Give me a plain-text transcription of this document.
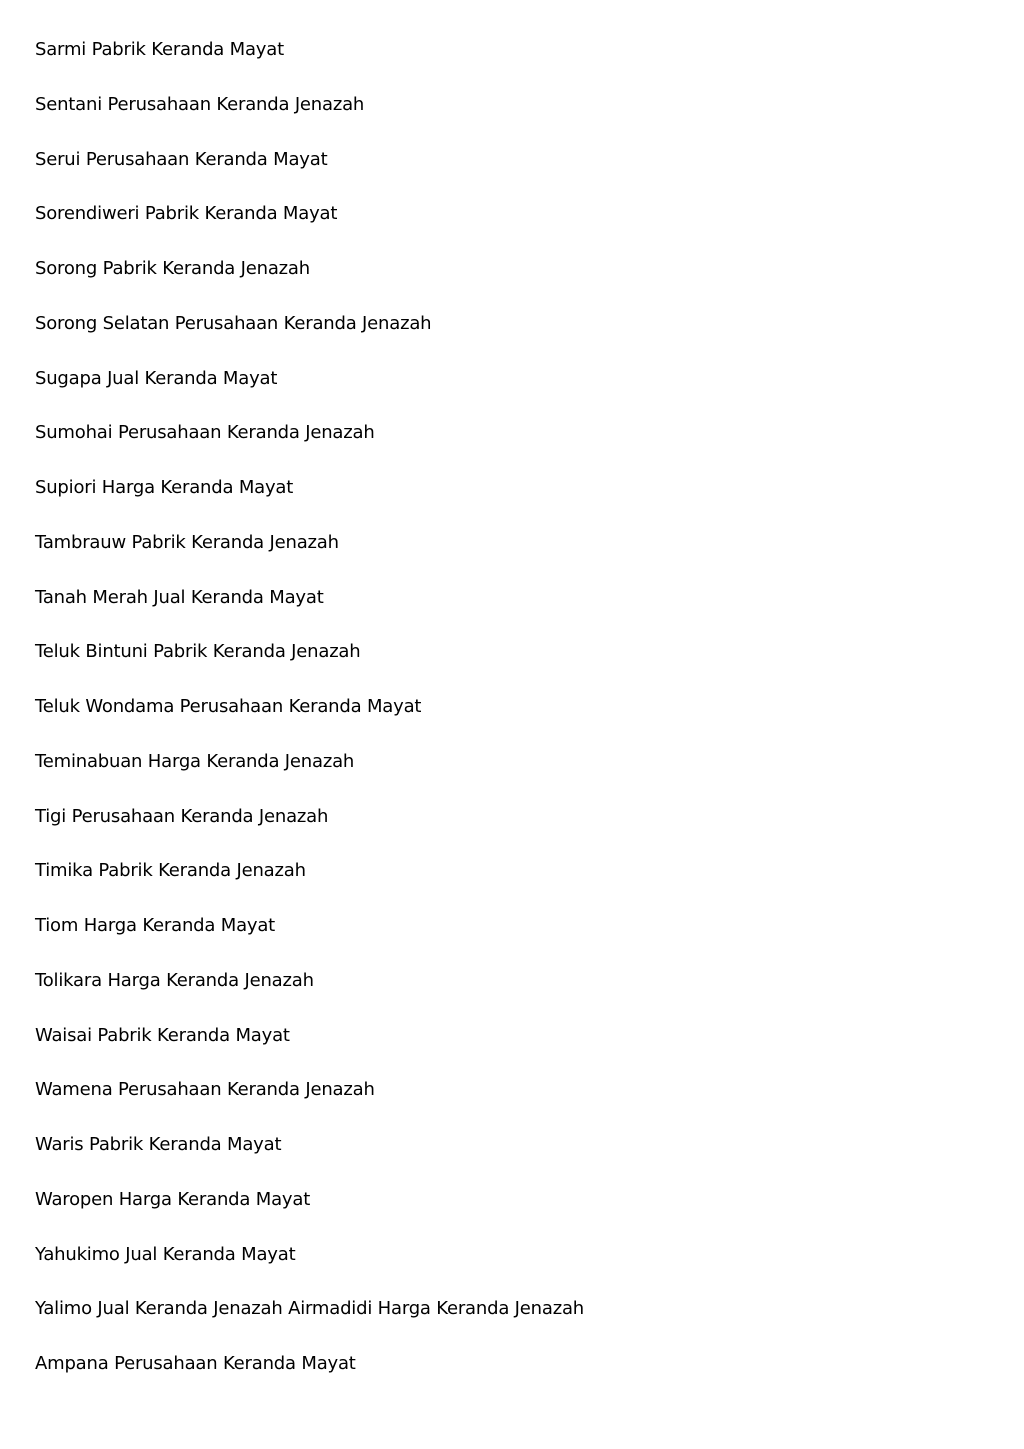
Sarmi Pabrik Keranda Mayat
Sentani Perusahaan Keranda Jenazah
Serui Perusahaan Keranda Mayat
Sorendiweri Pabrik Keranda Mayat
Sorong Pabrik Keranda Jenazah
Sorong Selatan Perusahaan Keranda Jenazah
Sugapa Jual Keranda Mayat
Sumohai Perusahaan Keranda Jenazah
Supiori Harga Keranda Mayat
Tambrauw Pabrik Keranda Jenazah
Tanah Merah Jual Keranda Mayat
Teluk Bintuni Pabrik Keranda Jenazah
Teluk Wondama Perusahaan Keranda Mayat
Teminabuan Harga Keranda Jenazah
Tigi Perusahaan Keranda Jenazah
Timika Pabrik Keranda Jenazah
Tiom Harga Keranda Mayat
Tolikara Harga Keranda Jenazah
Waisai Pabrik Keranda Mayat
Wamena Perusahaan Keranda Jenazah
Waris Pabrik Keranda Mayat
Waropen Harga Keranda Mayat
Yahukimo Jual Keranda Mayat
Yalimo Jual Keranda Jenazah Airmadidi Harga Keranda Jenazah
Ampana Perusahaan Keranda Mayat
